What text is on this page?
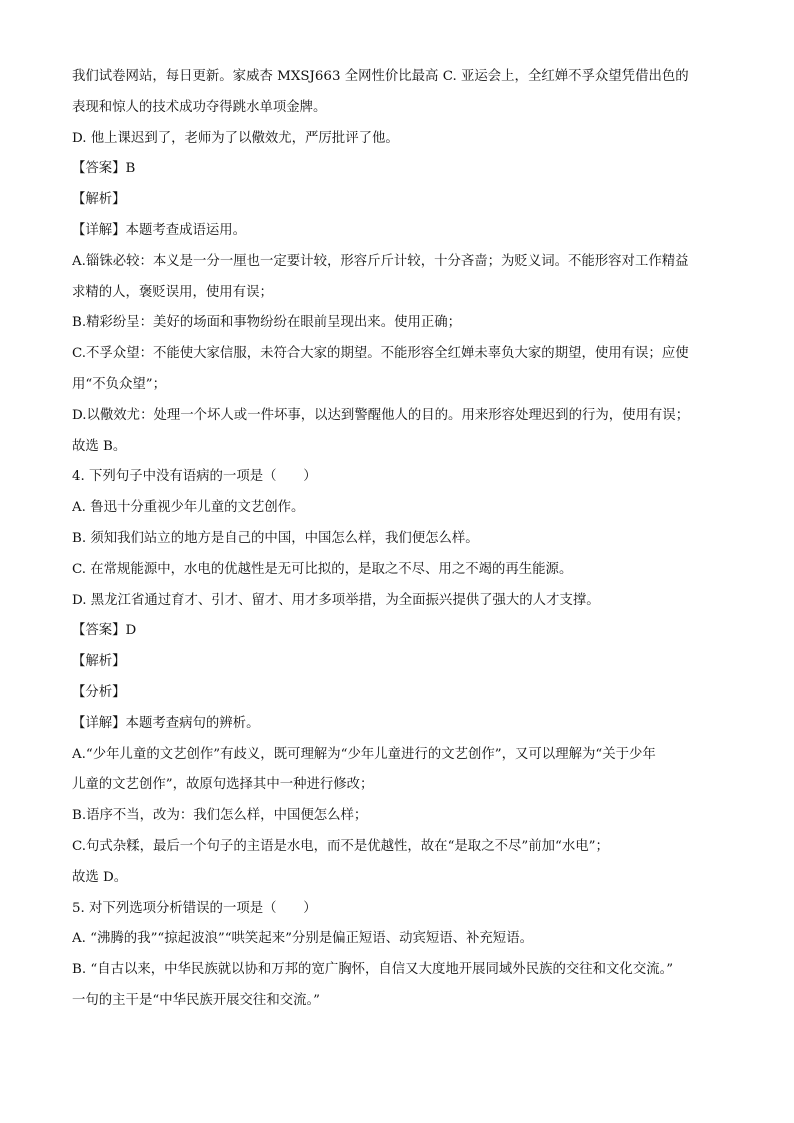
我们试卷网站，每日更新。家威杏 MXSJ663 全网性价比最高 C. 亚运会上，全红婵不孚众望凭借出色的
表现和惊人的技术成功夺得跳水单项金牌。
D. 他上课迟到了，老师为了以儆效尤，严厉批评了他。
【答案】B
【解析】
【详解】本题考查成语运用。
A.锱铢必较：本义是一分一厘也一定要计较，形容斤斤计较，十分吝啬；为贬义词。不能形容对工作精益
求精的人，褒贬误用，使用有误；
B.精彩纷呈：美好的场面和事物纷纷在眼前呈现出来。使用正确；
C.不孚众望：不能使大家信服，未符合大家的期望。不能形容全红婵未辜负大家的期望，使用有误；应使
用“不负众望”；
D.以儆效尤：处理一个坏人或一件坏事，以达到警醒他人的目的。用来形容处理迟到的行为，使用有误；
故选 B。
4. 下列句子中没有语病的一项是（　　）
A. 鲁迅十分重视少年儿童的文艺创作。
B. 须知我们站立的地方是自己的中国，中国怎么样，我们便怎么样。
C. 在常规能源中，水电的优越性是无可比拟的，是取之不尽、用之不竭的再生能源。
D. 黑龙江省通过育才、引才、留才、用才多项举措，为全面振兴提供了强大的人才支撑。
【答案】D
【解析】
【分析】
【详解】本题考查病句的辨析。
A.“少年儿童的文艺创作”有歧义，既可理解为“少年儿童进行的文艺创作”，又可以理解为“关于少年
儿童的文艺创作”，故原句选择其中一种进行修改；
B.语序不当，改为：我们怎么样，中国便怎么样；
C.句式杂糅，最后一个句子的主语是水电，而不是优越性，故在“是取之不尽”前加“水电”；
故选 D。
5. 对下列选项分析错误的一项是（　　）
A. “沸腾的我”“掠起波浪”“哄笑起来”分别是偏正短语、动宾短语、补充短语。
B. “自古以来，中华民族就以协和万邦的宽广胸怀，自信又大度地开展同域外民族的交往和文化交流。”
一句的主干是“中华民族开展交往和交流。”
